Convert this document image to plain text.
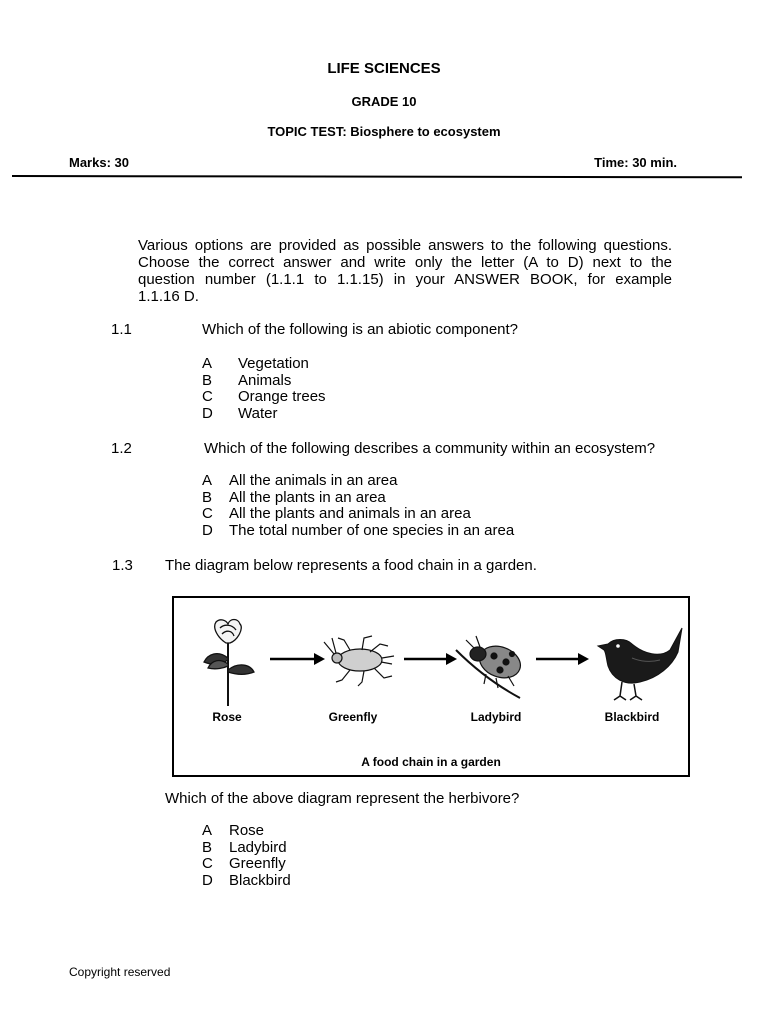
LIFE SCIENCES
GRADE 10
TOPIC TEST: Biosphere to ecosystem
Marks: 30	Time: 30 min.
Various options are provided as possible answers to the following questions.
Choose the correct answer and write only the letter (A to D) next to the
question number (1.1.1 to 1.1.15) in your ANSWER BOOK, for example
1.1.16 D.
1.1	Which of the following is an abiotic component?
A Vegetation
B Animals
C Orange trees
D Water
1.2	Which of the following describes a community within an ecosystem?
A All the animals in an area
B All the plants in an area
C All the plants and animals in an area
D The total number of one species in an area
1.3 The diagram below represents a food chain in a garden.
Rose	Greenfly	Ladybird	Blackbird
A food chain in a garden
Which of the above diagram represent the herbivore?
A Rose
B Ladybird
C Greenfly
D Blackbird
Copyright reserved
